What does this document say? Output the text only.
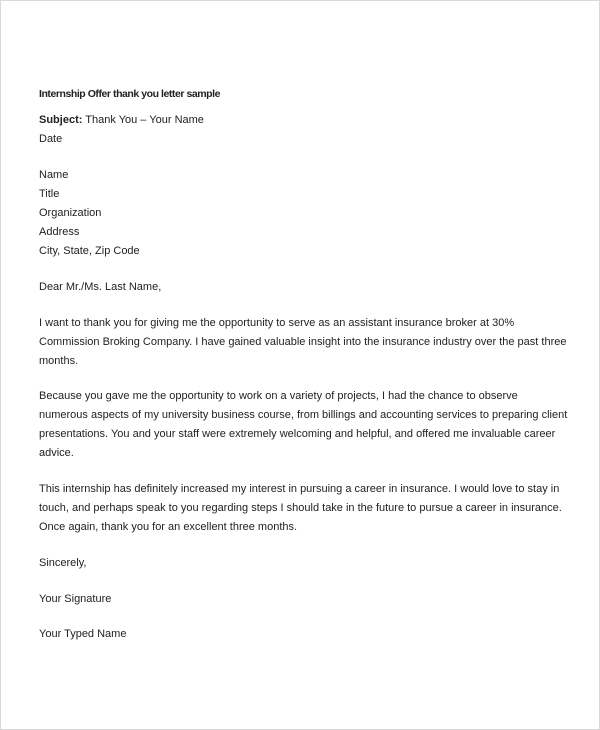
Internship Offer thank you letter sample
Subject: Thank You – Your Name
Date
Name
Title
Organization
Address
City, State, Zip Code
Dear Mr./Ms. Last Name,
I want to thank you for giving me the opportunity to serve as an assistant insurance broker at 30%
Commission Broking Company. I have gained valuable insight into the insurance industry over the past three
months.
Because you gave me the opportunity to work on a variety of projects, I had the chance to observe
numerous aspects of my university business course, from billings and accounting services to preparing client
presentations. You and your staff were extremely welcoming and helpful, and offered me invaluable career
advice.
This internship has definitely increased my interest in pursuing a career in insurance. I would love to stay in
touch, and perhaps speak to you regarding steps I should take in the future to pursue a career in insurance.
Once again, thank you for an excellent three months.
Sincerely,
Your Signature
Your Typed Name
